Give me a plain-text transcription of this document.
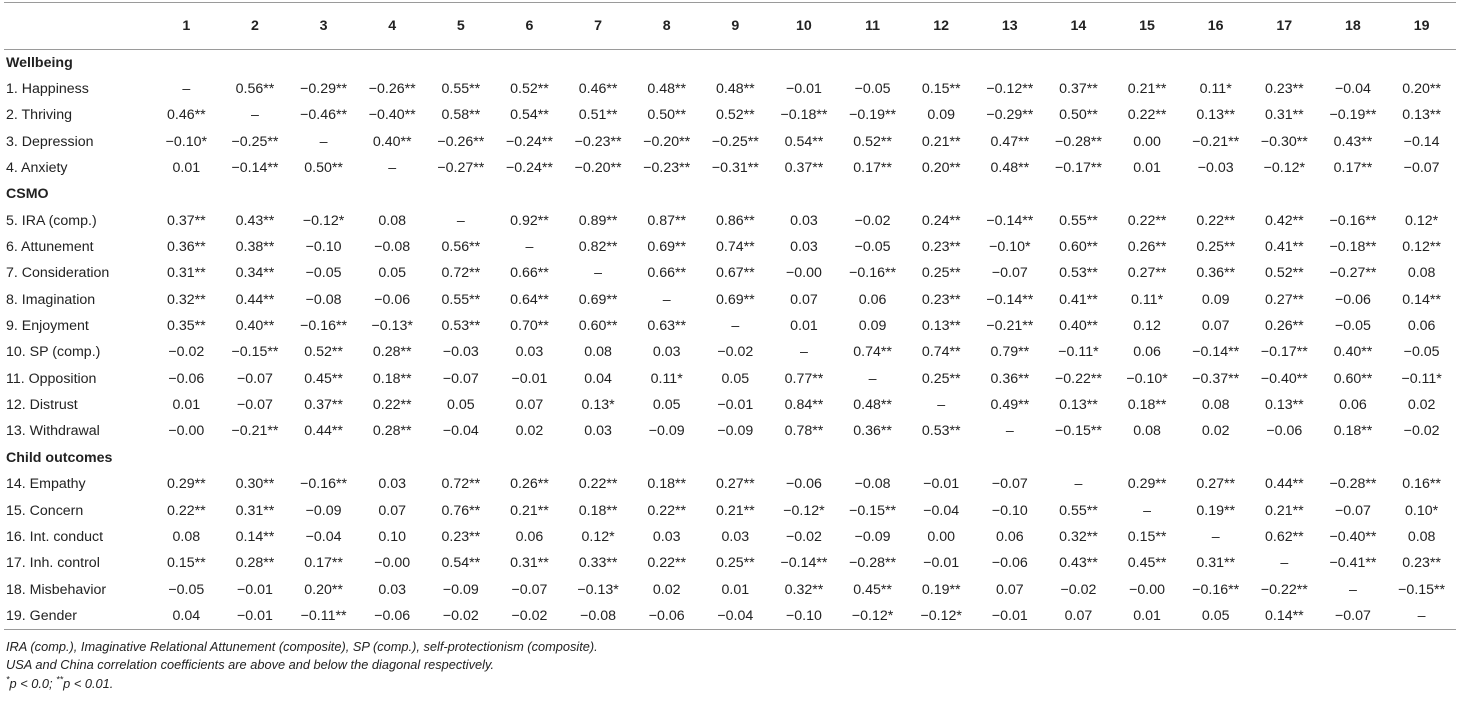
	1	2	3	4	5	6	7	8	9	10	11	12	13	14	15	16	17	18	19
Wellbeing																			
1. Happiness	–	0.56**	−0.29**	−0.26**	0.55**	0.52**	0.46**	0.48**	0.48**	−0.01	−0.05	0.15**	−0.12**	0.37**	0.21**	0.11*	0.23**	−0.04	0.20**
2. Thriving	0.46**	–	−0.46**	−0.40**	0.58**	0.54**	0.51**	0.50**	0.52**	−0.18**	−0.19**	0.09	−0.29**	0.50**	0.22**	0.13**	0.31**	−0.19**	0.13**
3. Depression	−0.10*	−0.25**	–	0.40**	−0.26**	−0.24**	−0.23**	−0.20**	−0.25**	0.54**	0.52**	0.21**	0.47**	−0.28**	0.00	−0.21**	−0.30**	0.43**	−0.14
4. Anxiety	0.01	−0.14**	0.50**	–	−0.27**	−0.24**	−0.20**	−0.23**	−0.31**	0.37**	0.17**	0.20**	0.48**	−0.17**	0.01	−0.03	−0.12*	0.17**	−0.07
CSMO																			
5. IRA (comp.)	0.37**	0.43**	−0.12*	0.08	–	0.92**	0.89**	0.87**	0.86**	0.03	−0.02	0.24**	−0.14**	0.55**	0.22**	0.22**	0.42**	−0.16**	0.12*
6. Attunement	0.36**	0.38**	−0.10	−0.08	0.56**	–	0.82**	0.69**	0.74**	0.03	−0.05	0.23**	−0.10*	0.60**	0.26**	0.25**	0.41**	−0.18**	0.12**
7. Consideration	0.31**	0.34**	−0.05	0.05	0.72**	0.66**	–	0.66**	0.67**	−0.00	−0.16**	0.25**	−0.07	0.53**	0.27**	0.36**	0.52**	−0.27**	0.08
8. Imagination	0.32**	0.44**	−0.08	−0.06	0.55**	0.64**	0.69**	–	0.69**	0.07	0.06	0.23**	−0.14**	0.41**	0.11*	0.09	0.27**	−0.06	0.14**
9. Enjoyment	0.35**	0.40**	−0.16**	−0.13*	0.53**	0.70**	0.60**	0.63**	–	0.01	0.09	0.13**	−0.21**	0.40**	0.12	0.07	0.26**	−0.05	0.06
10. SP (comp.)	−0.02	−0.15**	0.52**	0.28**	−0.03	0.03	0.08	0.03	−0.02	–	0.74**	0.74**	0.79**	−0.11*	0.06	−0.14**	−0.17**	0.40**	−0.05
11. Opposition	−0.06	−0.07	0.45**	0.18**	−0.07	−0.01	0.04	0.11*	0.05	0.77**	–	0.25**	0.36**	−0.22**	−0.10*	−0.37**	−0.40**	0.60**	−0.11*
12. Distrust	0.01	−0.07	0.37**	0.22**	0.05	0.07	0.13*	0.05	−0.01	0.84**	0.48**	–	0.49**	0.13**	0.18**	0.08	0.13**	0.06	0.02
13. Withdrawal	−0.00	−0.21**	0.44**	0.28**	−0.04	0.02	0.03	−0.09	−0.09	0.78**	0.36**	0.53**	–	−0.15**	0.08	0.02	−0.06	0.18**	−0.02
Child outcomes																			
14. Empathy	0.29**	0.30**	−0.16**	0.03	0.72**	0.26**	0.22**	0.18**	0.27**	−0.06	−0.08	−0.01	−0.07	–	0.29**	0.27**	0.44**	−0.28**	0.16**
15. Concern	0.22**	0.31**	−0.09	0.07	0.76**	0.21**	0.18**	0.22**	0.21**	−0.12*	−0.15**	−0.04	−0.10	0.55**	–	0.19**	0.21**	−0.07	0.10*
16. Int. conduct	0.08	0.14**	−0.04	0.10	0.23**	0.06	0.12*	0.03	0.03	−0.02	−0.09	0.00	0.06	0.32**	0.15**	–	0.62**	−0.40**	0.08
17. Inh. control	0.15**	0.28**	0.17**	−0.00	0.54**	0.31**	0.33**	0.22**	0.25**	−0.14**	−0.28**	−0.01	−0.06	0.43**	0.45**	0.31**	–	−0.41**	0.23**
18. Misbehavior	−0.05	−0.01	0.20**	0.03	−0.09	−0.07	−0.13*	0.02	0.01	0.32**	0.45**	0.19**	0.07	−0.02	−0.00	−0.16**	−0.22**	–	−0.15**
19. Gender	0.04	−0.01	−0.11**	−0.06	−0.02	−0.02	−0.08	−0.06	−0.04	−0.10	−0.12*	−0.12*	−0.01	0.07	0.01	0.05	0.14**	−0.07	–
IRA (comp.), Imaginative Relational Attunement (composite), SP (comp.), self-protectionism (composite).
USA and China correlation coefficients are above and below the diagonal respectively.
*p < 0.0; **p < 0.01.
